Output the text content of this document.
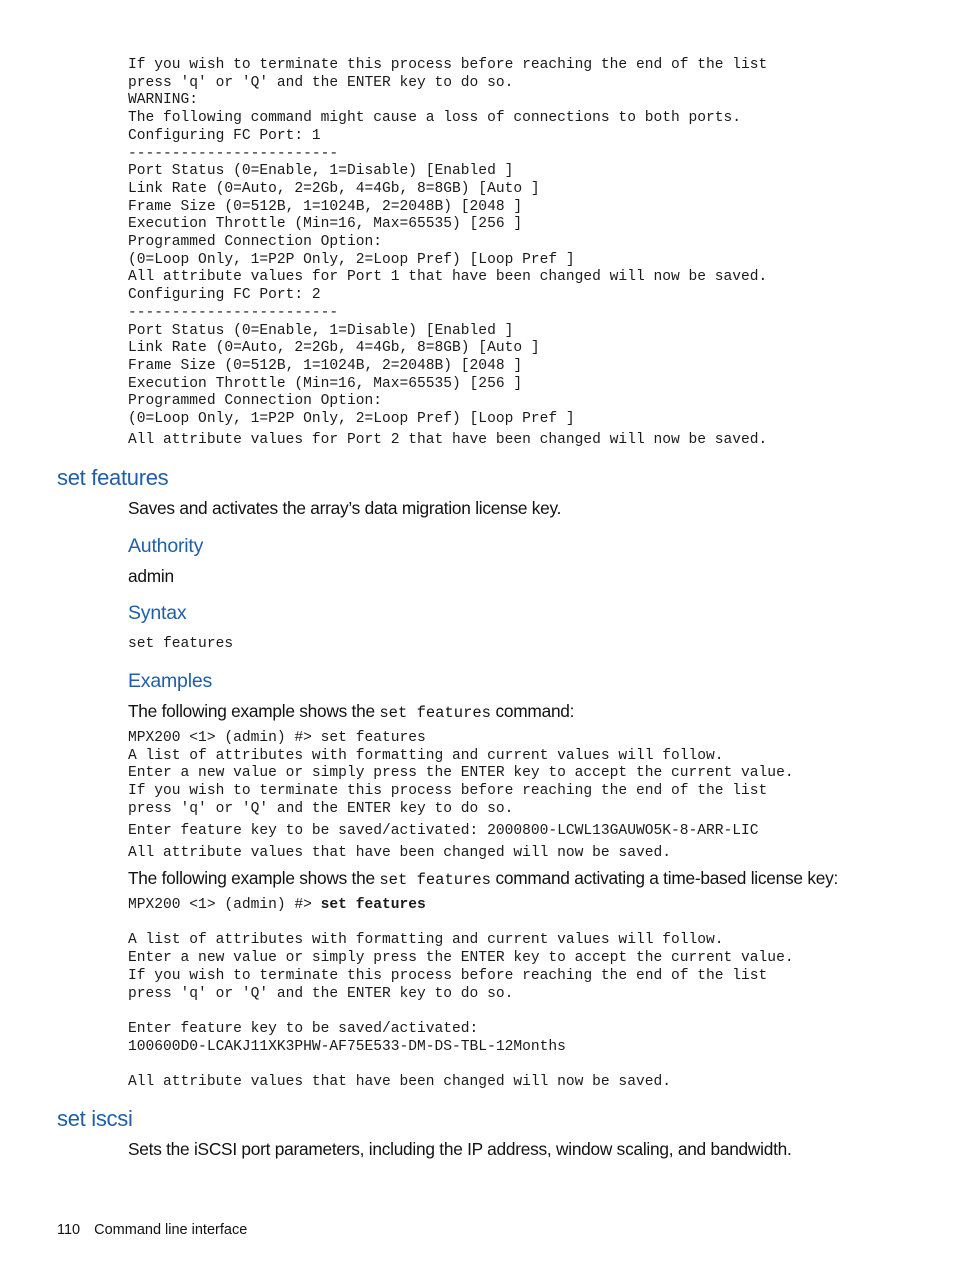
If you wish to terminate this process before reaching the end of the list
press 'q' or 'Q' and the ENTER key to do so.
WARNING:
The following command might cause a loss of connections to both ports.
Configuring FC Port: 1
------------------------
Port Status (0=Enable, 1=Disable) [Enabled ]
Link Rate (0=Auto, 2=2Gb, 4=4Gb, 8=8GB) [Auto ]
Frame Size (0=512B, 1=1024B, 2=2048B) [2048 ]
Execution Throttle (Min=16, Max=65535) [256 ]
Programmed Connection Option:
(0=Loop Only, 1=P2P Only, 2=Loop Pref) [Loop Pref ]
All attribute values for Port 1 that have been changed will now be saved.
Configuring FC Port: 2
------------------------
Port Status (0=Enable, 1=Disable) [Enabled ]
Link Rate (0=Auto, 2=2Gb, 4=4Gb, 8=8GB) [Auto ]
Frame Size (0=512B, 1=1024B, 2=2048B) [2048 ]
Execution Throttle (Min=16, Max=65535) [256 ]
Programmed Connection Option:
(0=Loop Only, 1=P2P Only, 2=Loop Pref) [Loop Pref ]
All attribute values for Port 2 that have been changed will now be saved.
set features

Saves and activates the array’s data migration license key.

Authority

admin

Syntax
set features
Examples

The following example shows the set features command:

MPX200 <1> (admin) #> set features
A list of attributes with formatting and current values will follow.
Enter a new value or simply press the ENTER key to accept the current value.
If you wish to terminate this process before reaching the end of the list
press 'q' or 'Q' and the ENTER key to do so.
Enter feature key to be saved/activated: 2000800-LCWL13GAUWO5K-8-ARR-LIC
All attribute values that have been changed will now be saved.

The following example shows the set features command activating a time-based license key:

MPX200 <1> (admin) #> set features

A list of attributes with formatting and current values will follow.
Enter a new value or simply press the ENTER key to accept the current value.
If you wish to terminate this process before reaching the end of the list
press 'q' or 'Q' and the ENTER key to do so.

Enter feature key to be saved/activated:
100600D0-LCAKJ11XK3PHW-AF75E533-DM-DS-TBL-12Months

All attribute values that have been changed will now be saved.
set iscsi

Sets the iSCSI port parameters, including the IP address, window scaling, and bandwidth.

110 Command line interface
